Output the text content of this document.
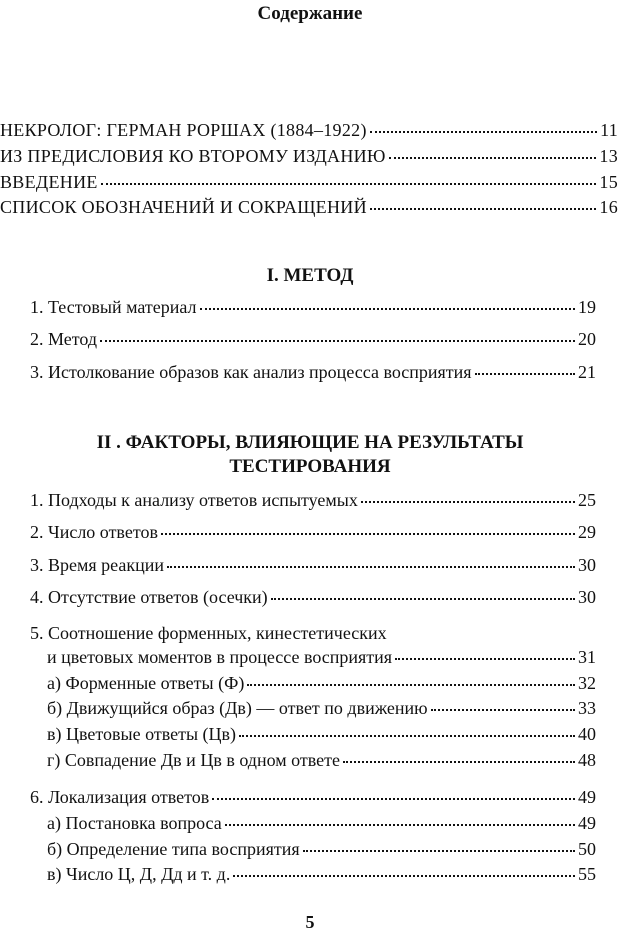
Содержание
НЕКРОЛОГ: ГЕРМАН РОРШАХ (1884–1922)	11
ИЗ ПРЕДИСЛОВИЯ КО ВТОРОМУ ИЗДАНИЮ	13
ВВЕДЕНИЕ	15
СПИСОК ОБОЗНАЧЕНИЙ И СОКРАЩЕНИЙ	16
I. МЕТОД
1. Тестовый материал	19
2. Метод	20
3. Истолкование образов как анализ процесса восприятия	21
II . ФАКТОРЫ, ВЛИЯЮЩИЕ НА РЕЗУЛЬТАТЫ
ТЕСТИРОВАНИЯ
1. Подходы к анализу ответов испытуемых	25
2. Число ответов	29
3. Время реакции	30
4. Отсутствие ответов (осечки)	30
5. Соотношение форменных, кинестетических
и цветовых моментов в процессе восприятия	31
а) Форменные ответы (Ф)	32
б) Движущийся образ (Дв) — ответ по движению	33
в) Цветовые ответы (Цв)	40
г) Совпадение Дв и Цв в одном ответе	48
6. Локализация ответов	49
а) Постановка вопроса	49
б) Определение типа восприятия	50
в) Число Ц, Д, Дд и т. д.	55
5
